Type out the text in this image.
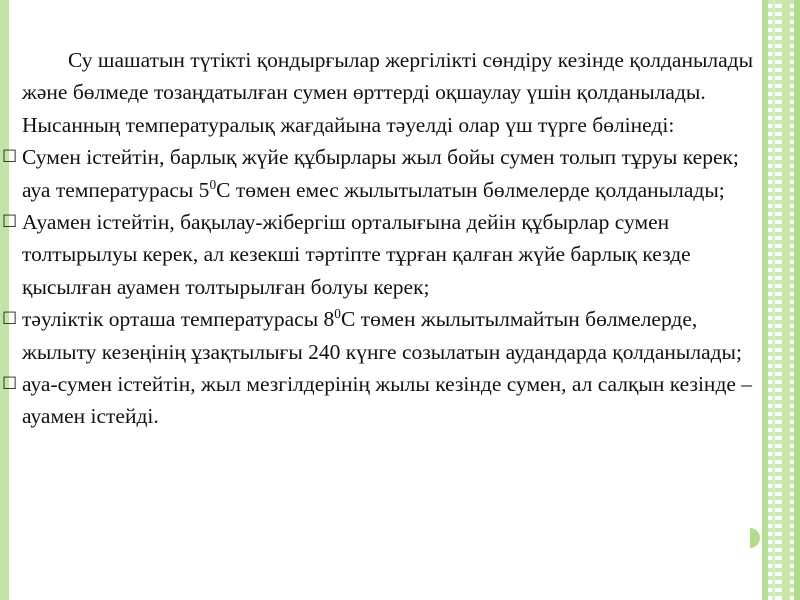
Су шашатын түтікті қондырғылар жергілікті сөндіру кезінде қолданылады және бөлмеде тозаңдатылған сумен өрттерді оқшаулау үшін қолданылады. Нысанның температуралық жағдайына тәуелді олар үш түрге бөлінеді:

☐ Сумен істейтін, барлық жүйе құбырлары жыл бойы сумен толып тұруы керек; ауа температурасы $5^0С$ төмен емес жылытылатын бөлмелерде қолданылады;

☐ Ауамен істейтін, бақылау-жібергіш орталығына дейін құбырлар сумен толтырылуы керек, ал кезекші тәртіпте тұрған қалған жүйе барлық кезде қысылған ауамен толтырылған болуы керек;

☐ тәуліктік орташа температурасы $8^0С$ төмен жылытылмайтын бөлмелерде, жылыту кезеңінің ұзақтылығы 240 күнге созылатын аудандарда қолданылады;

☐ ауа-сумен істейтін, жыл мезгілдерінің жылы кезінде сумен, ал салқын кезінде – ауамен істейді.
